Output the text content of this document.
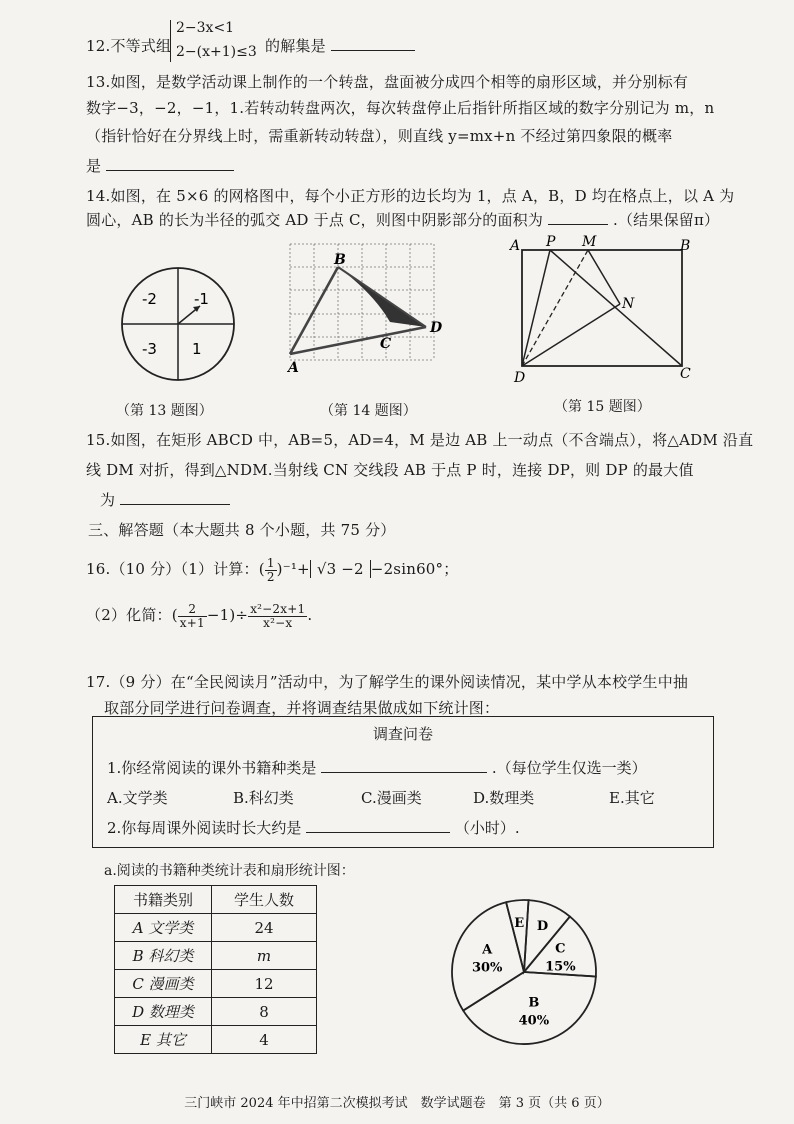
12.不等式组
2−3x<1
2−(x+1)≤3 的解集是
13.如图，是数学活动课上制作的一个转盘，盘面被分成四个相等的扇形区域，并分别标有
数字−3，−2，−1，1.若转动转盘两次，每次转盘停止后指针所指区域的数字分别记为 m，n
（指针恰好在分界线上时，需重新转动转盘），则直线 y=mx+n 不经过第四象限的概率
是
14.如图，在 5×6 的网格图中，每个小正方形的边长均为 1，点 A，B，D 均在格点上，以 A 为
圆心，AB 的长为半径的弧交 AD 于点 C，则图中阴影部分的面积为	.（结果保留π）
-2 -1
-3 1
（第 13 题图）
B
A
C
D
（第 14 题图）
A P M	B
N
D	C
（第 15 题图）
15.如图，在矩形 ABCD 中，AB=5，AD=4，M 是边 AB 上一动点（不含端点），将△ADM 沿直
线 DM 对折，得到△NDM.当射线 CN 交线段 AB 于点 P 时，连接 DP，则 DP 的最大值
为
三、解答题（本大题共 8 个小题，共 75 分）
16.（10 分）（1）计算：( $\frac{1}{2} )^{-1}+ √3 -2 -2\sin 60^\circ$；
（2）化简：( $\frac{2}{x+1} -1)\div \frac{\text{x²−2x+1}}{\text{x²−x}}$ .
17.（9 分）在“全民阅读月”活动中，为了解学生的课外阅读情况，某中学从本校学生中抽
取部分同学进行问卷调查，并将调查结果做成如下统计图：
调查问卷
1.你经常阅读的课外书籍种类是	.（每位学生仅选一类）
A.文学类	B.科幻类	C.漫画类	D.数理类	E.其它
2.你每周课外阅读时长大约是	（小时）.
a.阅读的书籍种类统计表和扇形统计图：
书籍类别	学生人数
A 文学类	24
B 科幻类	m
C 漫画类	12
D 数理类	8
E 其它	4
B
40%
A
30%
E D
C
15%
三门峡市 2024 年中招第二次模拟考试　数学试题卷　第 3 页（共 6 页）
